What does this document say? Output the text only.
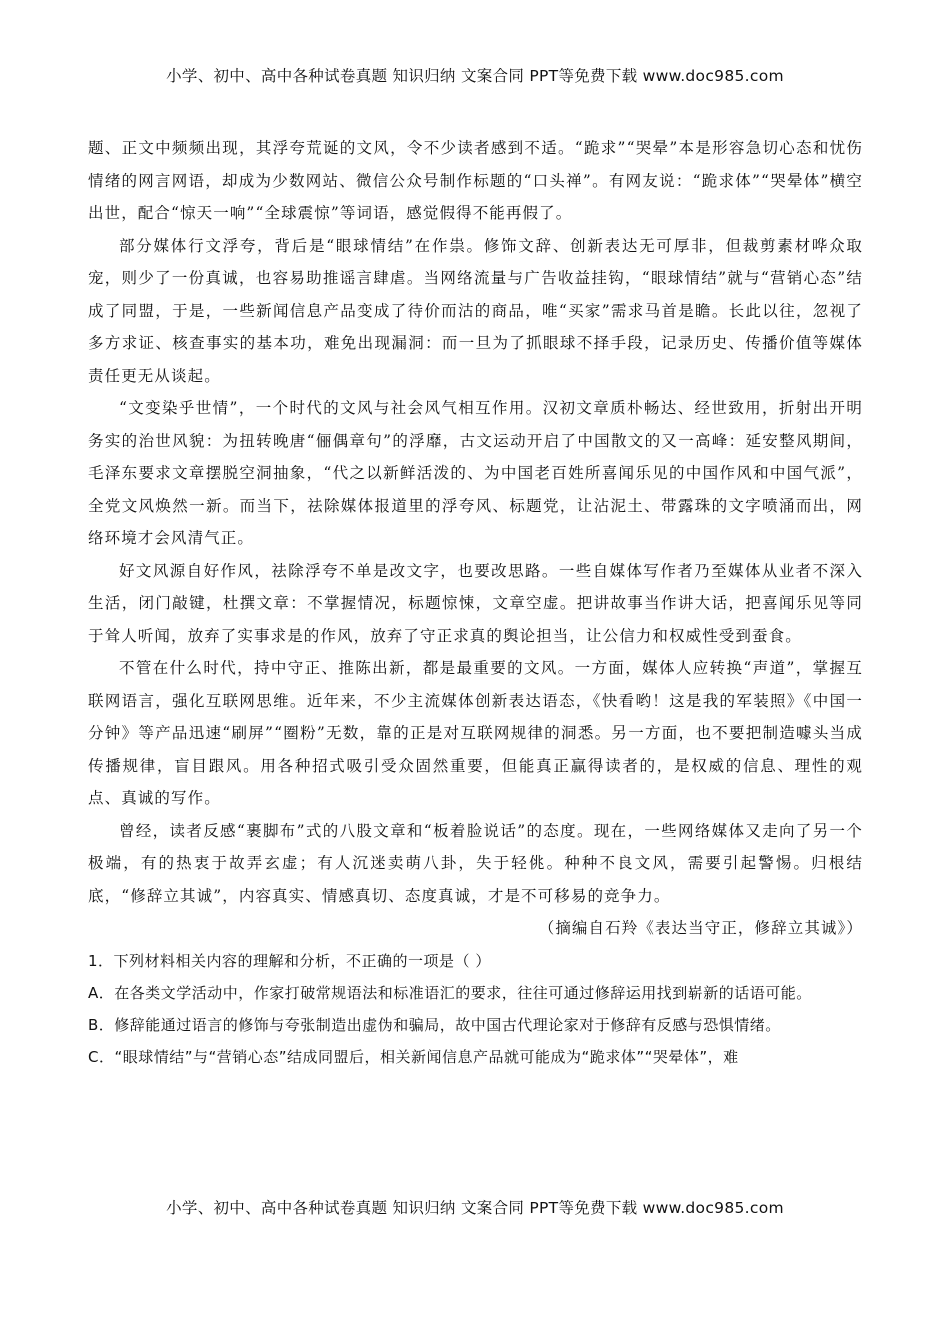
小学、初中、高中各种试卷真题 知识归纳 文案合同 PPT等免费下载 www.doc985.com

题、正文中频频出现，其浮夸荒诞的文风，令不少读者感到不适。“跪求”“哭晕”本是形容急切心态和忧伤情绪的网言网语，却成为少数网站、微信公众号制作标题的“口头禅”。有网友说：“跪求体”“哭晕体”横空出世，配合“惊天一响”“全球震惊”等词语，感觉假得不能再假了。

部分媒体行文浮夸，背后是“眼球情结”在作祟。修饰文辞、创新表达无可厚非，但裁剪素材哗众取宠，则少了一份真诚，也容易助推谣言肆虐。当网络流量与广告收益挂钩，“眼球情结”就与“营销心态”结成了同盟，于是，一些新闻信息产品变成了待价而沽的商品，唯“买家”需求马首是瞻。长此以往，忽视了多方求证、核查事实的基本功，难免出现漏洞：而一旦为了抓眼球不择手段，记录历史、传播价值等媒体责任更无从谈起。

“文变染乎世情”，一个时代的文风与社会风气相互作用。汉初文章质朴畅达、经世致用，折射出开明务实的治世风貌：为扭转晚唐“俪偶章句”的浮靡，古文运动开启了中国散文的又一高峰：延安整风期间，毛泽东要求文章摆脱空洞抽象，“代之以新鲜活泼的、为中国老百姓所喜闻乐见的中国作风和中国气派”，全党文风焕然一新。而当下，祛除媒体报道里的浮夸风、标题党，让沾泥土、带露珠的文字喷涌而出，网络环境才会风清气正。

好文风源自好作风，祛除浮夸不单是改文字，也要改思路。一些自媒体写作者乃至媒体从业者不深入生活，闭门敲键，杜撰文章：不掌握情况，标题惊悚，文章空虚。把讲故事当作讲大话，把喜闻乐见等同于耸人听闻，放弃了实事求是的作风，放弃了守正求真的舆论担当，让公信力和权威性受到蚕食。

不管在什么时代，持中守正、推陈出新，都是最重要的文风。一方面，媒体人应转换“声道”，掌握互联网语言，强化互联网思维。近年来，不少主流媒体创新表达语态，《快看哟！这是我的军装照》《中国一分钟》等产品迅速“刷屏”“圈粉”无数，靠的正是对互联网规律的洞悉。另一方面，也不要把制造噱头当成传播规律，盲目跟风。用各种招式吸引受众固然重要，但能真正赢得读者的，是权威的信息、理性的观点、真诚的写作。

曾经，读者反感“裹脚布”式的八股文章和“板着脸说话”的态度。现在，一些网络媒体又走向了另一个极端，有的热衷于故弄玄虚；有人沉迷卖萌八卦，失于轻佻。种种不良文风，需要引起警惕。归根结底，“修辞立其诚”，内容真实、情感真切、态度真诚，才是不可移易的竞争力。

（摘编自石羚《表达当守正，修辞立其诚》）

1．下列材料相关内容的理解和分析，不正确的一项是（ ）

A．在各类文学活动中，作家打破常规语法和标准语汇的要求，往往可通过修辞运用找到崭新的话语可能。

B．修辞能通过语言的修饰与夸张制造出虚伪和骗局，故中国古代理论家对于修辞有反感与恐惧情绪。

C．“眼球情结”与“营销心态”结成同盟后，相关新闻信息产品就可能成为“跪求体”“哭晕体”，难

小学、初中、高中各种试卷真题 知识归纳 文案合同 PPT等免费下载 www.doc985.com
